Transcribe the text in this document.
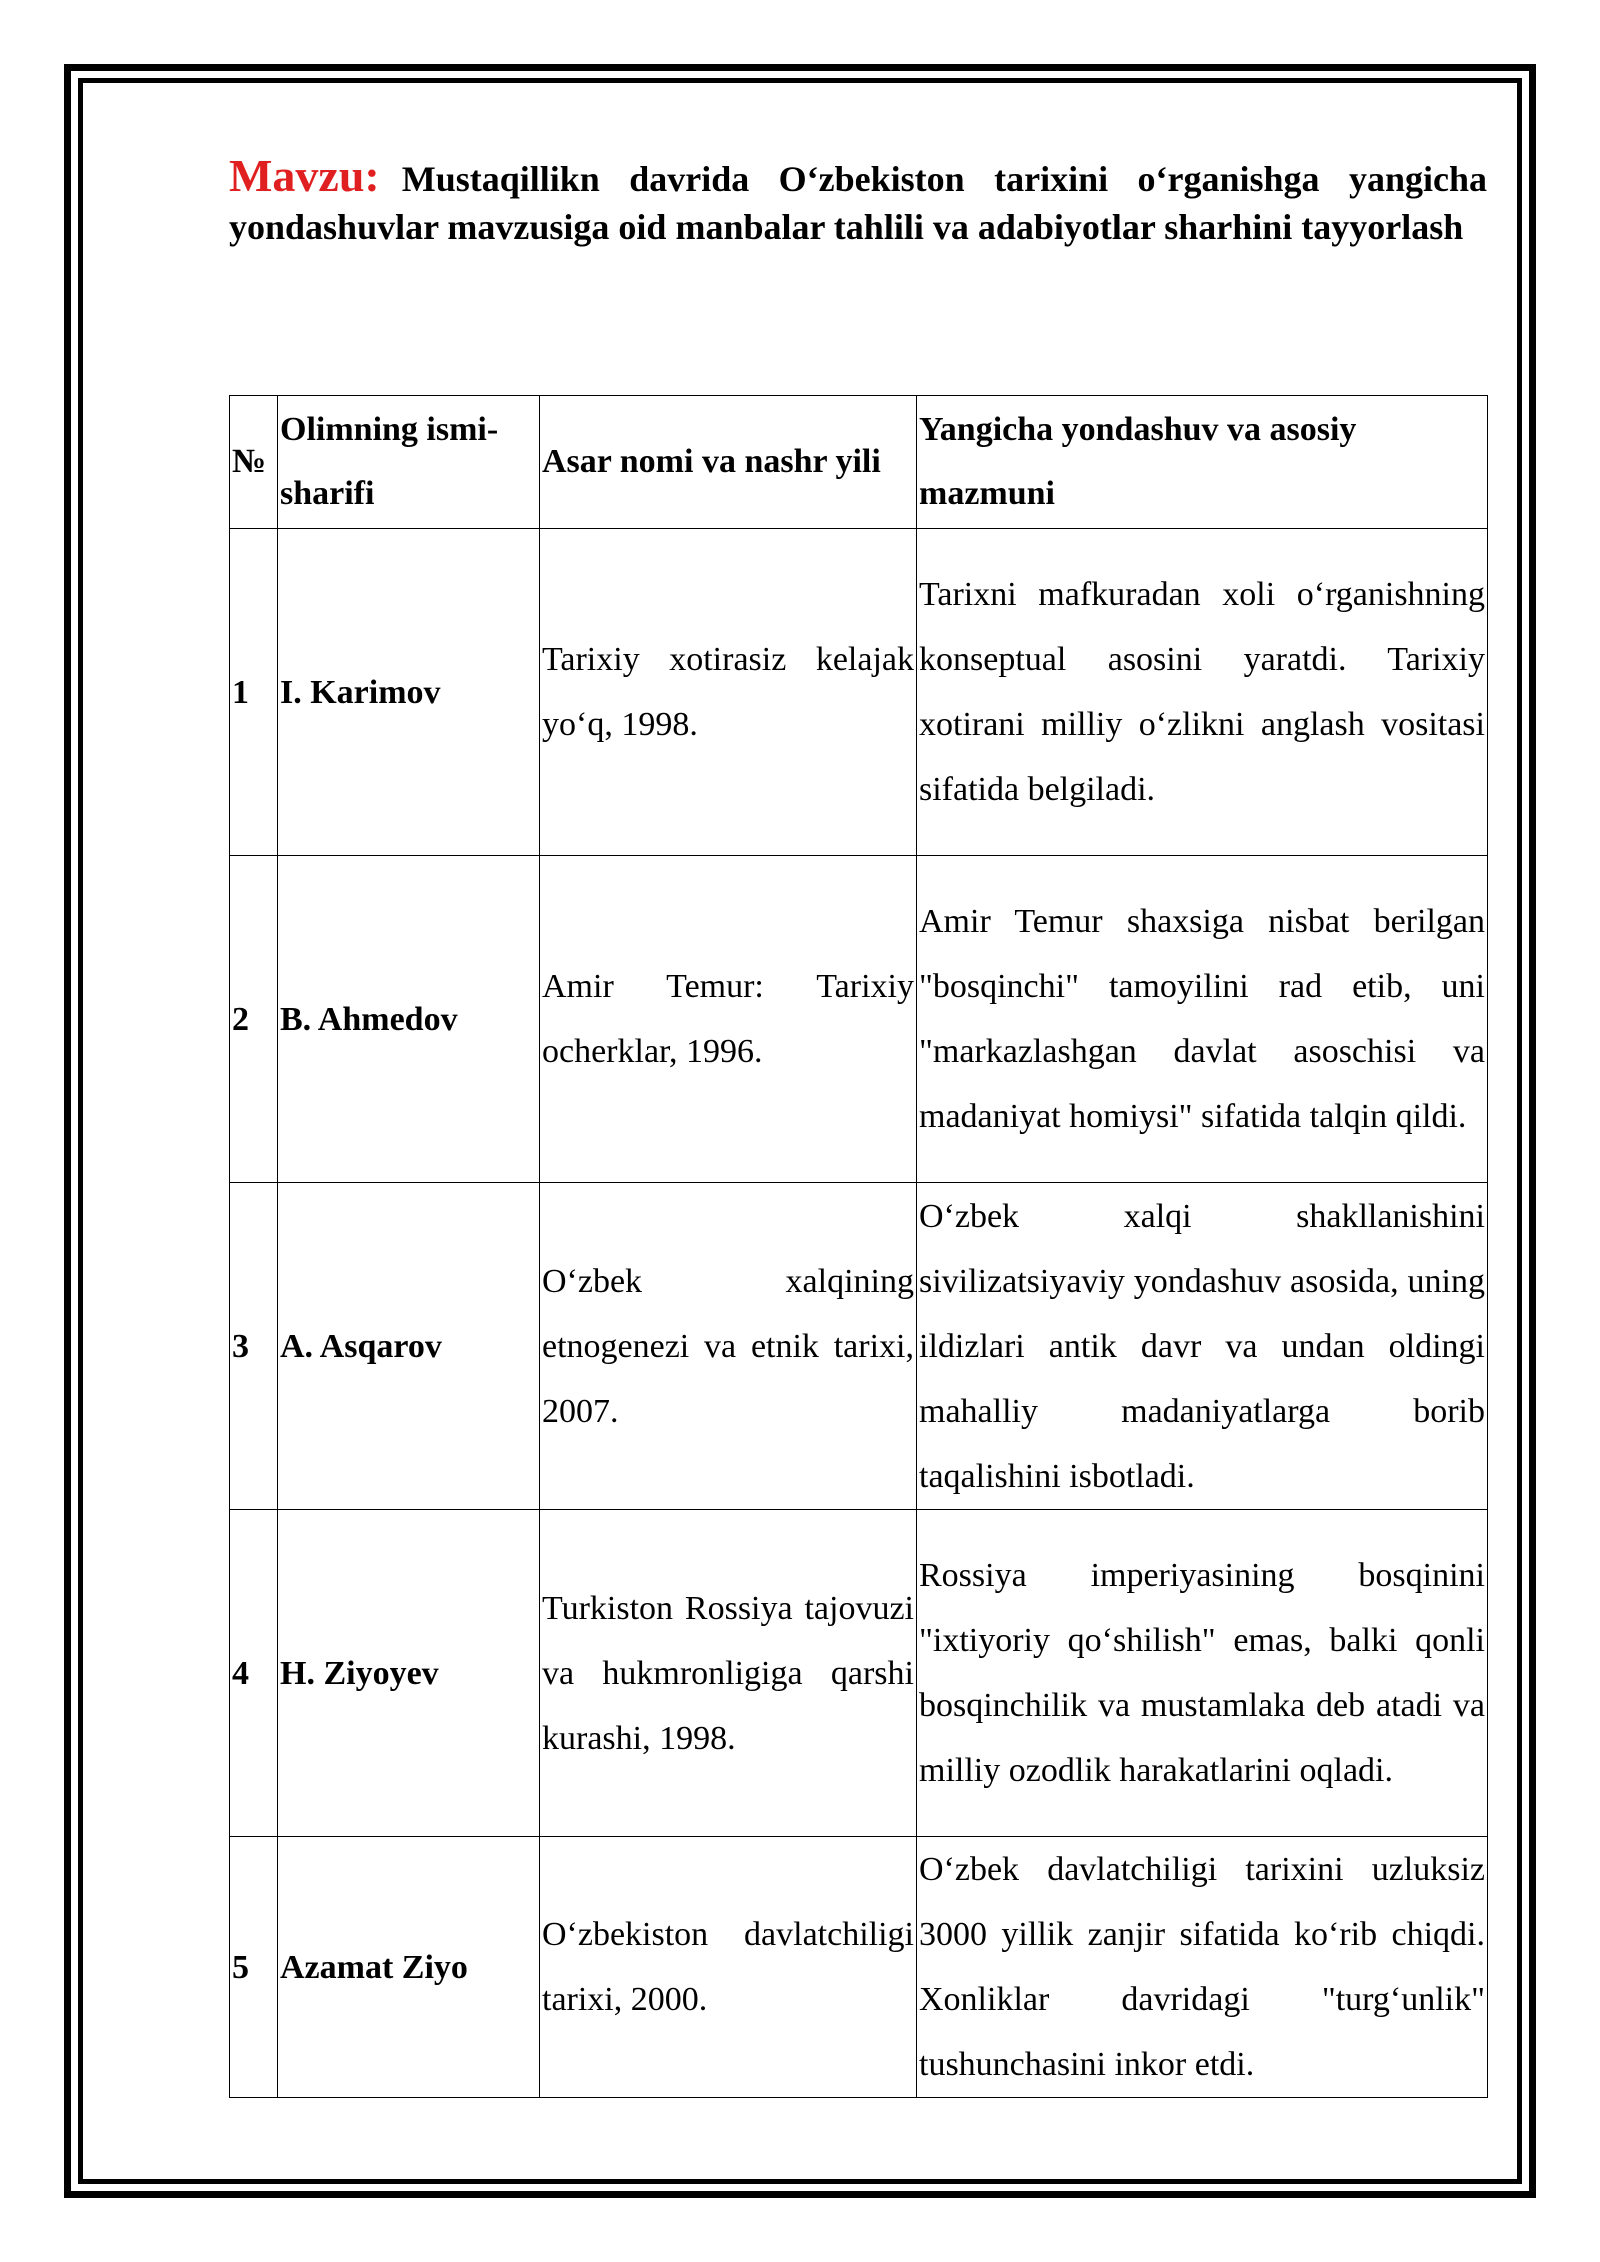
Mavzu: Mustaqillikn davrida O‘zbekiston tarixini o‘rganishga yangicha yondashuvlar mavzusiga oid manbalar tahlili va adabiyotlar sharhini tayyorlash
№	Olimning ismi-sharifi	Asar nomi va nashr yili	Yangicha yondashuv va asosiy mazmuni
1	I. Karimov	Tarixiy xotirasiz kelajak yo‘q, 1998.	Tarixni mafkuradan xoli o‘rganishning konseptual asosini yaratdi. Tarixiy xotirani milliy o‘zlikni anglash vositasi sifatida belgiladi.
2	B. Ahmedov	Amir Temur: Tarixiy ocherklar, 1996.	Amir Temur shaxsiga nisbat berilgan "bosqinchi" tamoyilini rad etib, uni "markazlashgan davlat asoschisi va madaniyat homiysi" sifatida talqin qildi.
3	A. Asqarov	O‘zbek xalqining etnogenezi va etnik tarixi, 2007.	O‘zbek xalqi shakllanishini sivilizatsiyaviy yondashuv asosida, uning ildizlari antik davr va undan oldingi mahalliy madaniyatlarga borib taqalishini isbotladi.
4	H. Ziyoyev	Turkiston Rossiya tajovuzi va hukmronligiga qarshi kurashi, 1998.	Rossiya imperiyasining bosqinini "ixtiyoriy qo‘shilish" emas, balki qonli bosqinchilik va mustamlaka deb atadi va milliy ozodlik harakatlarini oqladi.
5	Azamat Ziyo	O‘zbekiston davlatchiligi tarixi, 2000.	O‘zbek davlatchiligi tarixini uzluksiz 3000 yillik zanjir sifatida ko‘rib chiqdi. Xonliklar davridagi "turg‘unlik" tushunchasini inkor etdi.
